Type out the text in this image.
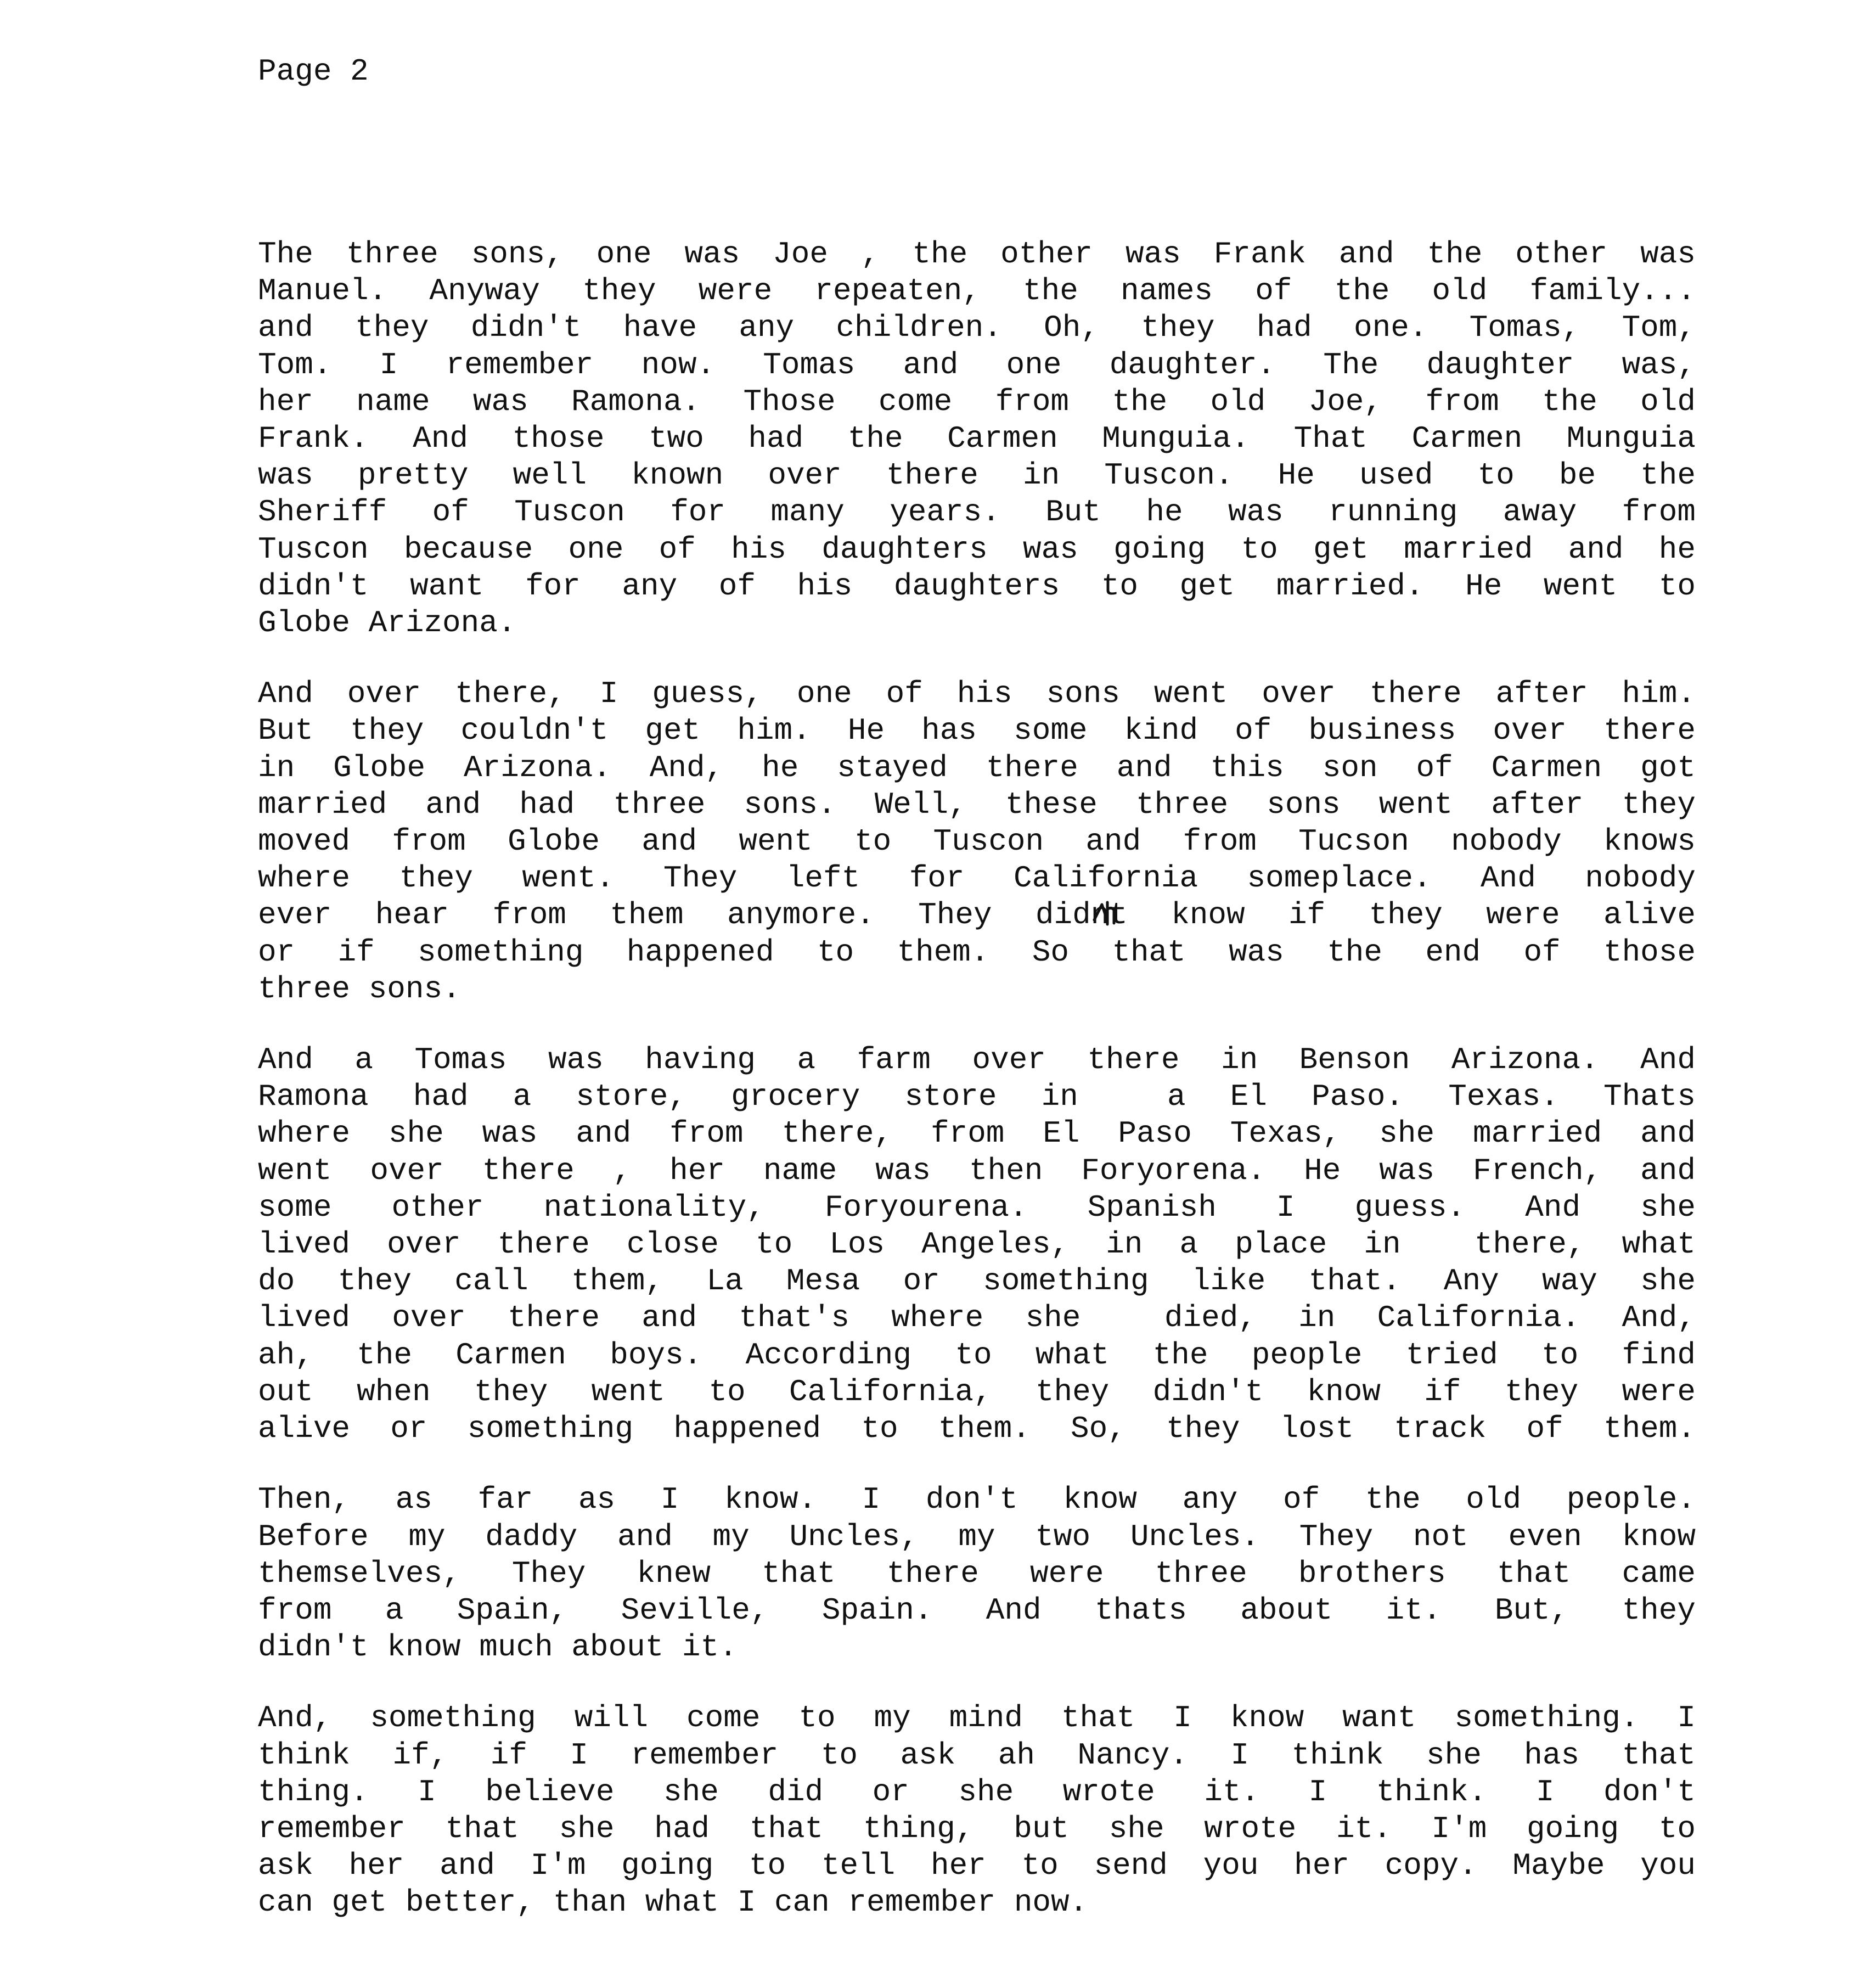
Page 2

The three sons, one was Joe , the other was Frank and the other was
Manuel. Anyway they were repeaten, the names of the old family...
and they didn't have any children. Oh, they had one. Tomas, Tom,
Tom. I remember now. Tomas and one daughter. The daughter was,
her name was Ramona. Those come from the old Joe, from the old
Frank. And those two had the Carmen Munguia. That Carmen Munguia
was pretty well known over there in Tuscon. He used to be the
Sheriff of Tuscon for many years. But he was running away from
Tuscon because one of his daughters was going to get married and he
didn't want for any of his daughters to get married. He went to
Globe Arizona.
And over there, I guess, one of his sons went over there after him.
But they couldn't get him. He has some kind of business over there
in Globe Arizona. And, he stayed there and this son of Carmen got
married and had three sons. Well, these three sons went after they
moved from Globe and went to Tuscon and from Tucson nobody knows
where they went. They left for California someplace. And nobody
ever hear from them anymore. They didnt know if they were alive
or if something happened to them. So that was the end of those
three sons.
And a Tomas was having a farm over there in Benson Arizona. And
Ramona had a store, grocery store in  a El Paso. Texas. Thats
where she was and from there, from El Paso Texas, she married and
went over there , her name was then Foryorena. He was French, and
some other nationality, Foryourena. Spanish I guess. And she
lived over there close to Los Angeles, in a place in  there, what
do they call them, La Mesa or something like that. Any way she
lived over there and that's where she  died, in California. And,
ah, the Carmen boys. According to what the people tried to find
out when they went to California, they didn't know if they were
alive or something happened to them. So, they lost track of them.
Then, as far as I know. I don't know any of the old people.
Before my daddy and my Uncles, my two Uncles. They not even know
themselves, They knew that there were three brothers that came
from a Spain, Seville, Spain. And thats about it. But, they
didn't know much about it.
And, something will come to my mind that I know want something. I
think if, if I remember to ask ah Nancy. I think she has that
thing. I believe she did or she wrote it. I think. I don't
remember that she had that thing, but she wrote it. I'm going to
ask her and I'm going to tell her to send you her copy. Maybe you
can get better, than what I can remember now.
